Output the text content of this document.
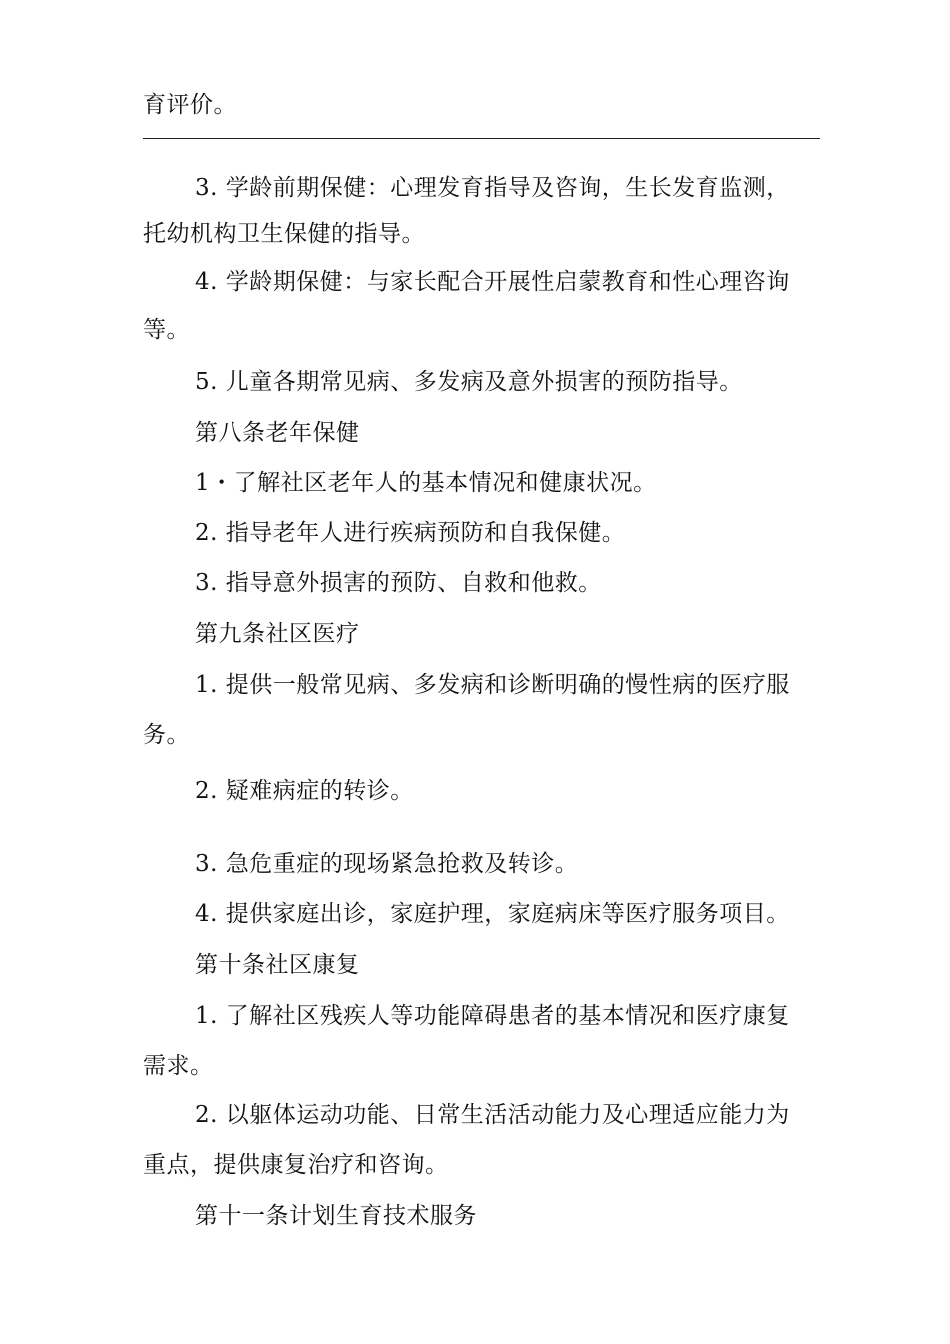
育评价。
3. 学龄前期保健：心理发育指导及咨询，生长发育监测，
托幼机构卫生保健的指导。
4. 学龄期保健：与家长配合开展性启蒙教育和性心理咨询
等。
5. 儿童各期常见病、多发病及意外损害的预防指导。
第八条老年保健
1・了解社区老年人的基本情况和健康状况。
2. 指导老年人进行疾病预防和自我保健。
3. 指导意外损害的预防、自救和他救。
第九条社区医疗
1. 提供一般常见病、多发病和诊断明确的慢性病的医疗服
务。
2. 疑难病症的转诊。
3. 急危重症的现场紧急抢救及转诊。
4. 提供家庭出诊，家庭护理，家庭病床等医疗服务项目。
第十条社区康复
1. 了解社区残疾人等功能障碍患者的基本情况和医疗康复
需求。
2. 以躯体运动功能、日常生活活动能力及心理适应能力为
重点，提供康复治疗和咨询。
第十一条计划生育技术服务
